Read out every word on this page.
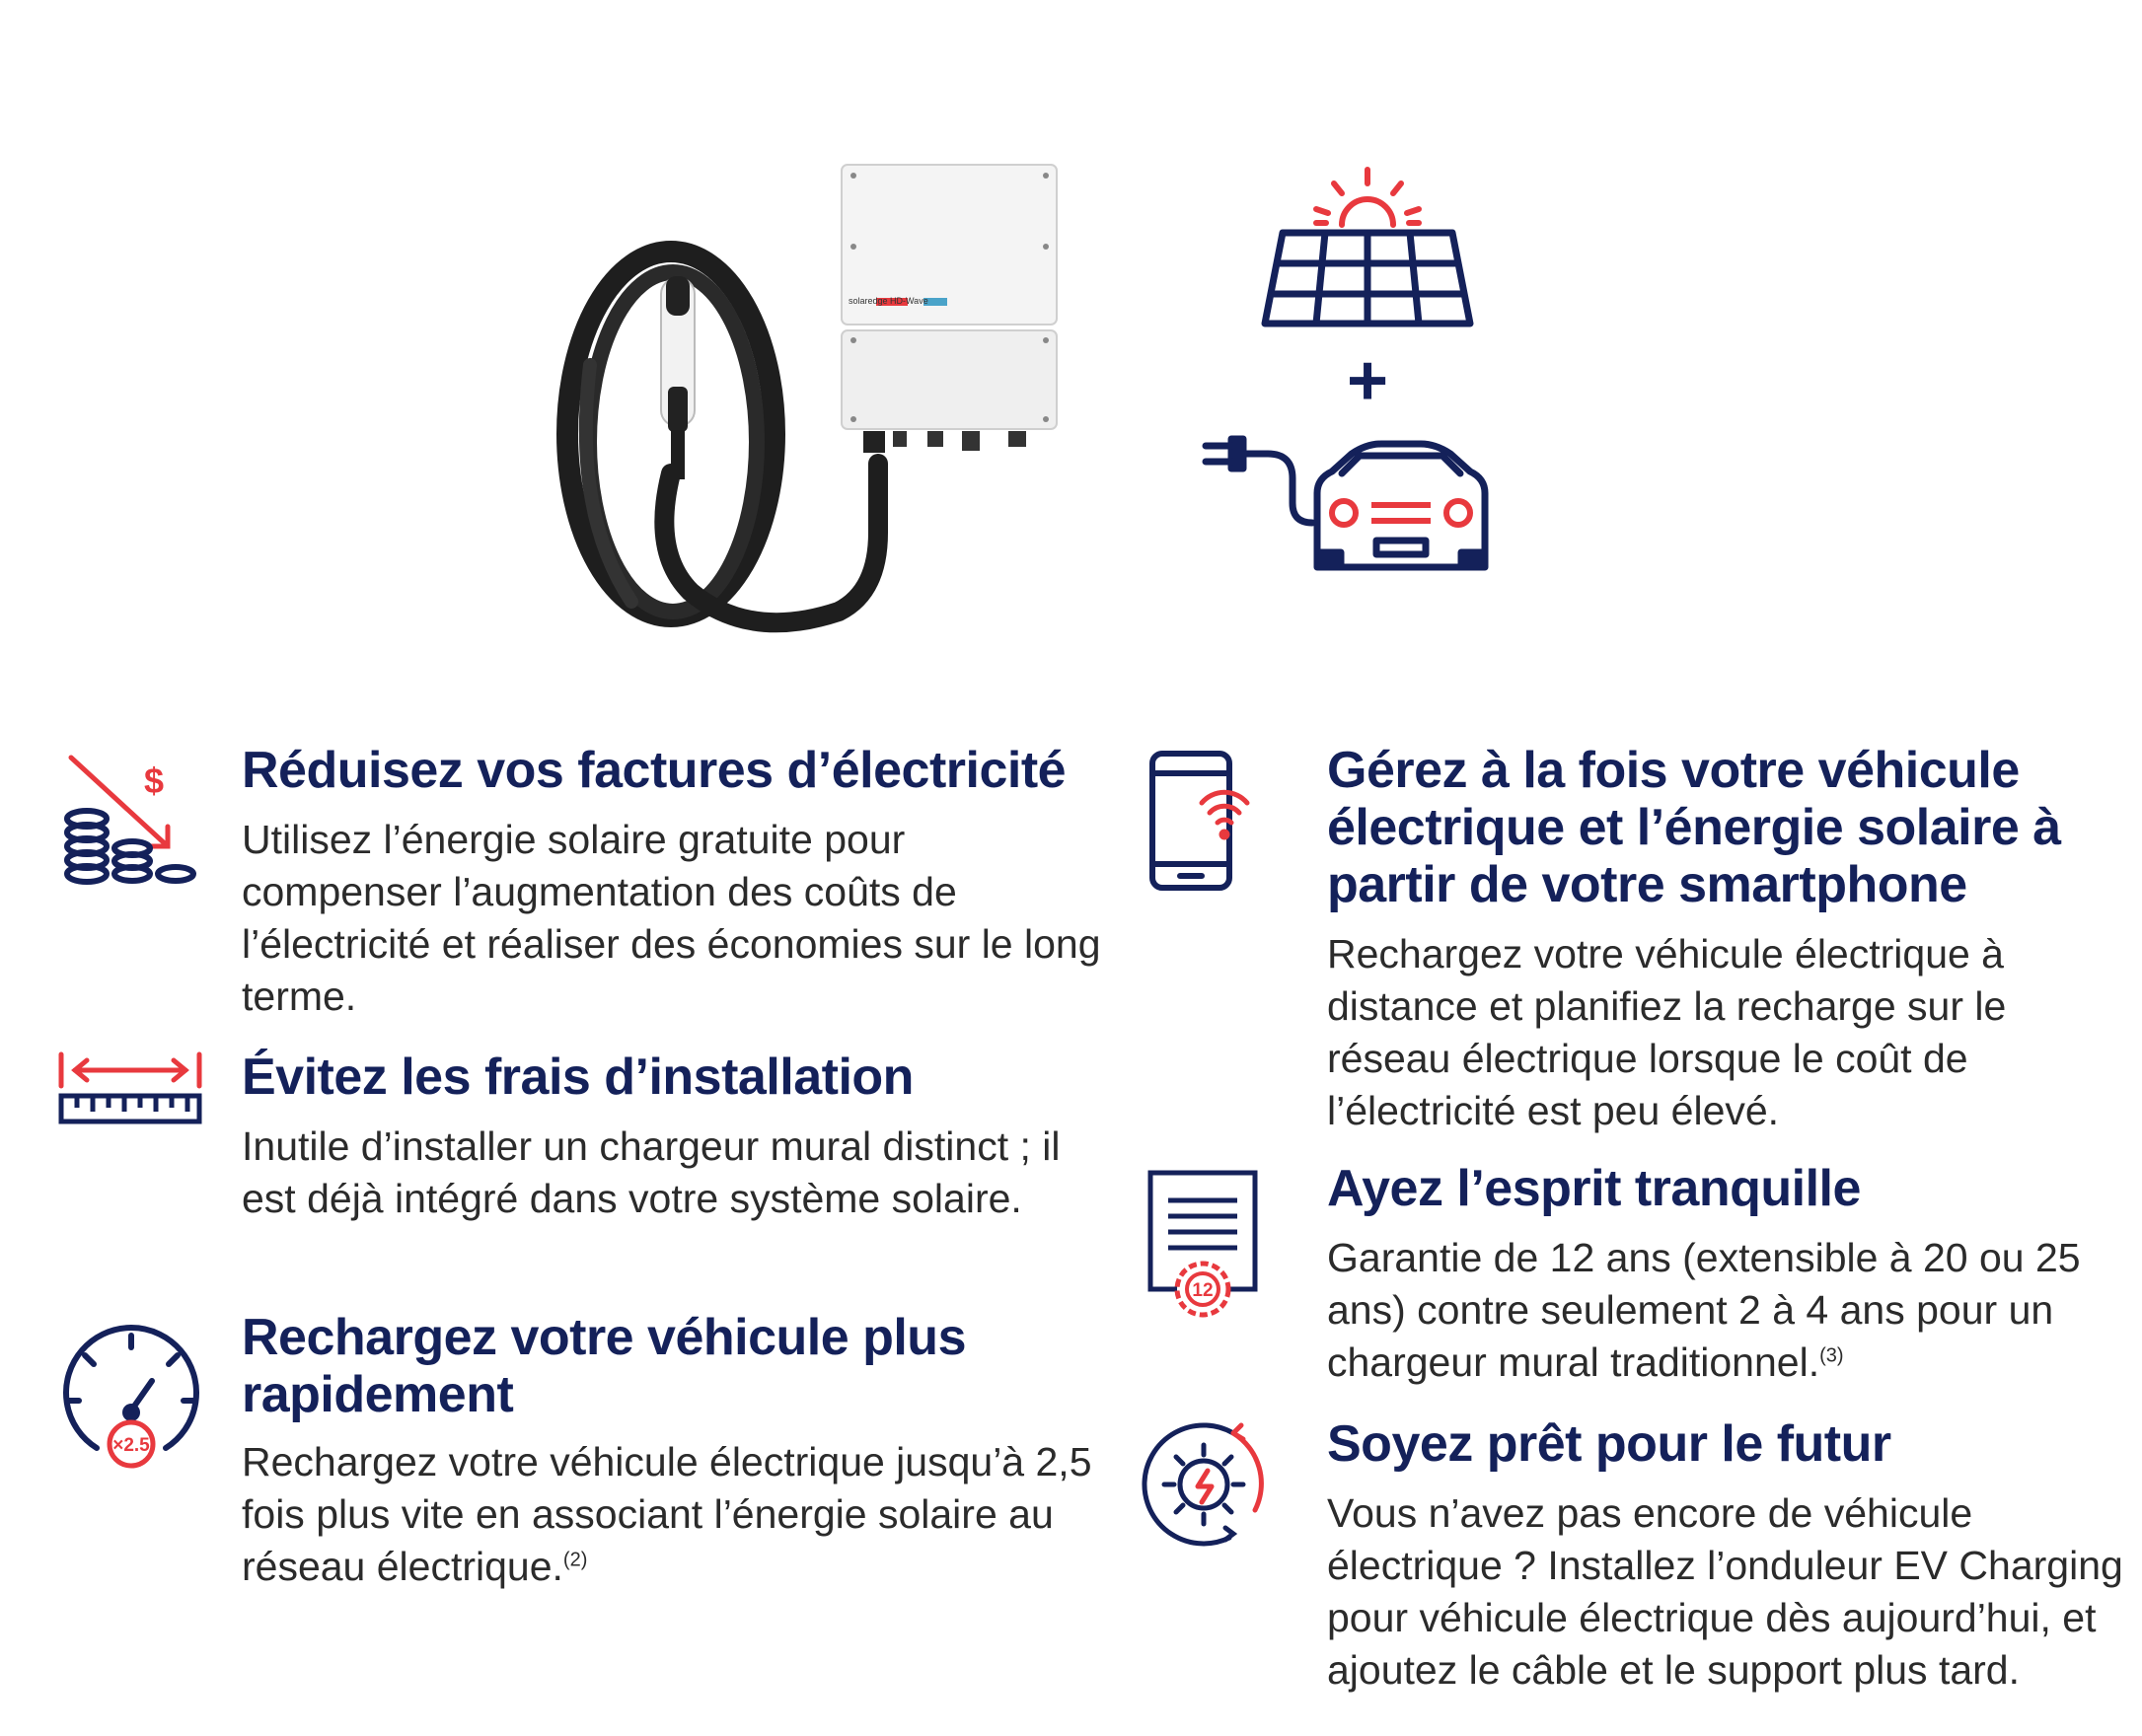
solaredge HD-Wave
+
$ Réduisez vos factures d’électricité
Utilisez l’énergie solaire gratuite pour compenser l’augmentation des coûts de l’électricité et réaliser des économies sur le long terme.
Évitez les frais d’installation
Inutile d’installer un chargeur mural distinct ; il est déjà intégré dans votre système solaire.
×2.5
Rechargez votre véhicule plus rapidement
Rechargez votre véhicule électrique jusqu’à 2,5 fois plus vite en associant l’énergie solaire au réseau électrique.$^{(2)}$
Gérez à la fois votre véhicule électrique et l’énergie solaire à partir de votre smartphone
Rechargez votre véhicule électrique à distance et planifiez la recharge sur le réseau électrique lorsque le coût de l’électricité est peu élevé.
12
Ayez l’esprit tranquille
Garantie de 12 ans (extensible à 20 ou 25 ans) contre seulement 2 à 4 ans pour un chargeur mural traditionnel.$^{(3)}$
Soyez prêt pour le futur
Vous n’avez pas encore de véhicule électrique ? Installez l’onduleur EV Charging pour véhicule électrique dès aujourd’hui, et ajoutez le câble et le support plus tard.
